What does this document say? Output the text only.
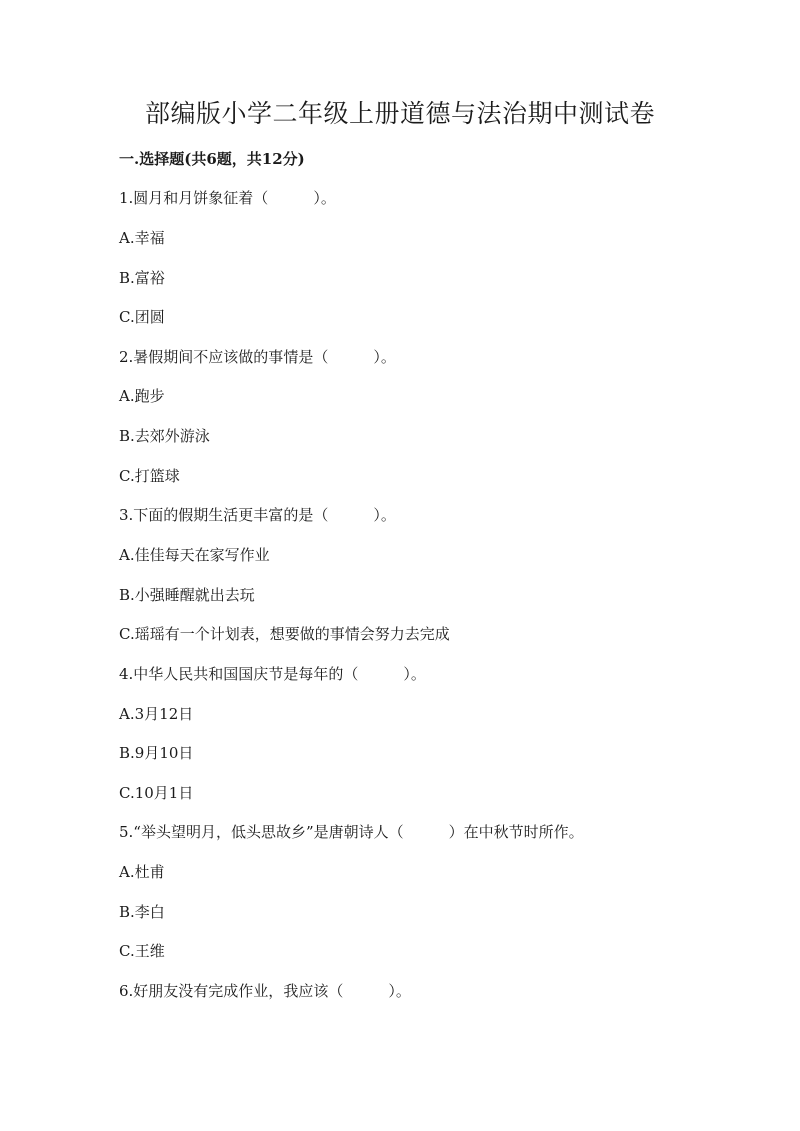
部编版小学二年级上册道德与法治期中测试卷
一.选择题(共6题，共12分)
1.圆月和月饼象征着（　　　）。
A.幸福
B.富裕
C.团圆
2.暑假期间不应该做的事情是（　　　）。
A.跑步
B.去郊外游泳
C.打篮球
3.下面的假期生活更丰富的是（　　　）。
A.佳佳每天在家写作业
B.小强睡醒就出去玩
C.瑶瑶有一个计划表，想要做的事情会努力去完成
4.中华人民共和国国庆节是每年的（　　　）。
A.3月12日
B.9月10日
C.10月1日
5.“举头望明月，低头思故乡”是唐朝诗人（　　　）在中秋节时所作。
A.杜甫
B.李白
C.王维
6.好朋友没有完成作业，我应该（　　　）。
